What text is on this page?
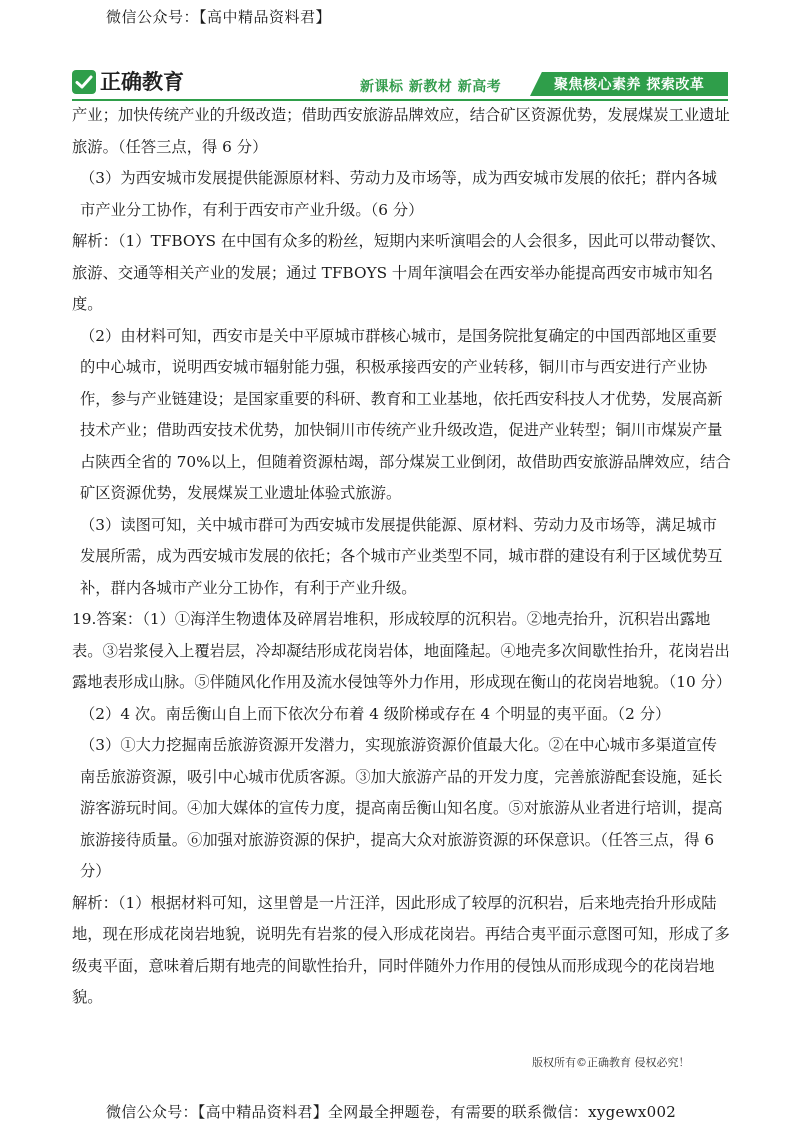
微信公众号：【高中精品资料君】
正确教育	新课标 新教材 新高考	聚焦核心素养 探索改革

产业；加快传统产业的升级改造；借助西安旅游品牌效应，结合矿区资源优势，发展煤炭工业遗址旅游。（任答三点，得 6 分）

（3）为西安城市发展提供能源原材料、劳动力及市场等，成为西安城市发展的依托；群内各城市产业分工协作，有利于西安市产业升级。（6 分）

解析：（1）TFBOYS 在中国有众多的粉丝，短期内来听演唱会的人会很多，因此可以带动餐饮、旅游、交通等相关产业的发展；通过 TFBOYS 十周年演唱会在西安举办能提高西安市城市知名度。

（2）由材料可知，西安市是关中平原城市群核心城市，是国务院批复确定的中国西部地区重要的中心城市，说明西安城市辐射能力强，积极承接西安的产业转移，铜川市与西安进行产业协作，参与产业链建设；是国家重要的科研、教育和工业基地，依托西安科技人才优势，发展高新技术产业；借助西安技术优势，加快铜川市传统产业升级改造，促进产业转型；铜川市煤炭产量占陕西全省的 70%以上，但随着资源枯竭，部分煤炭工业倒闭，故借助西安旅游品牌效应，结合矿区资源优势，发展煤炭工业遗址体验式旅游。

（3）读图可知，关中城市群可为西安城市发展提供能源、原材料、劳动力及市场等，满足城市发展所需，成为西安城市发展的依托；各个城市产业类型不同，城市群的建设有利于区域优势互补，群内各城市产业分工协作，有利于产业升级。

19.答案：（1）①海洋生物遗体及碎屑岩堆积，形成较厚的沉积岩。②地壳抬升，沉积岩出露地表。③岩浆侵入上覆岩层，冷却凝结形成花岗岩体，地面隆起。④地壳多次间歇性抬升，花岗岩出露地表形成山脉。⑤伴随风化作用及流水侵蚀等外力作用，形成现在衡山的花岗岩地貌。（10 分）

（2）4 次。南岳衡山自上而下依次分布着 4 级阶梯或存在 4 个明显的夷平面。（2 分）

（3）①大力挖掘南岳旅游资源开发潜力，实现旅游资源价值最大化。②在中心城市多渠道宣传南岳旅游资源，吸引中心城市优质客源。③加大旅游产品的开发力度，完善旅游配套设施，延长游客游玩时间。④加大媒体的宣传力度，提高南岳衡山知名度。⑤对旅游从业者进行培训，提高旅游接待质量。⑥加强对旅游资源的保护，提高大众对旅游资源的环保意识。（任答三点，得 6 分）

解析：（1）根据材料可知，这里曾是一片汪洋，因此形成了较厚的沉积岩，后来地壳抬升形成陆地，现在形成花岗岩地貌，说明先有岩浆的侵入形成花岗岩。再结合夷平面示意图可知，形成了多级夷平面，意味着后期有地壳的间歇性抬升，同时伴随外力作用的侵蚀从而形成现今的花岗岩地貌。

版权所有©正确教育 侵权必究！
微信公众号：【高中精品资料君】全网最全押题卷，有需要的联系微信：xygewx002
